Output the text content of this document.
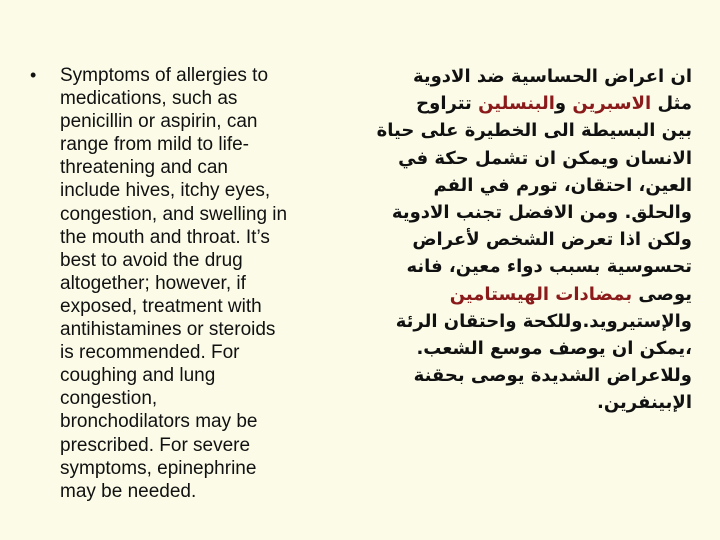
•	Symptoms of allergies to
medications, such as
penicillin or aspirin, can
range from mild to life-
threatening and can
include hives, itchy eyes,
congestion, and swelling in
the mouth and throat. It’s
best to avoid the drug
altogether; however, if
exposed, treatment with
antihistamines or steroids
is recommended. For
coughing and lung
congestion,
bronchodilators may be
prescribed. For severe
symptoms, epinephrine
may be needed.
ان اعراض الحساسية ضد الادوية
مثل الاسبرين والبنسلين تتراوح
بين البسيطة الى الخطيرة على حياة
الانسان ويمكن ان تشمل حكة في
العين، احتقان، تورم في الفم
والحلق. ومن الافضل تجنب الادوية
ولكن اذا تعرض الشخص لأعراض
تحسوسية بسبب دواء معين، فانه
يوصى بمضادات الهيستامين
والإستيرويد.وللكحة واحتقان الرئة
،يمكن ان يوصف موسع الشعب.
وللاعراض الشديدة يوصى بحقنة
الإبينفرين.
